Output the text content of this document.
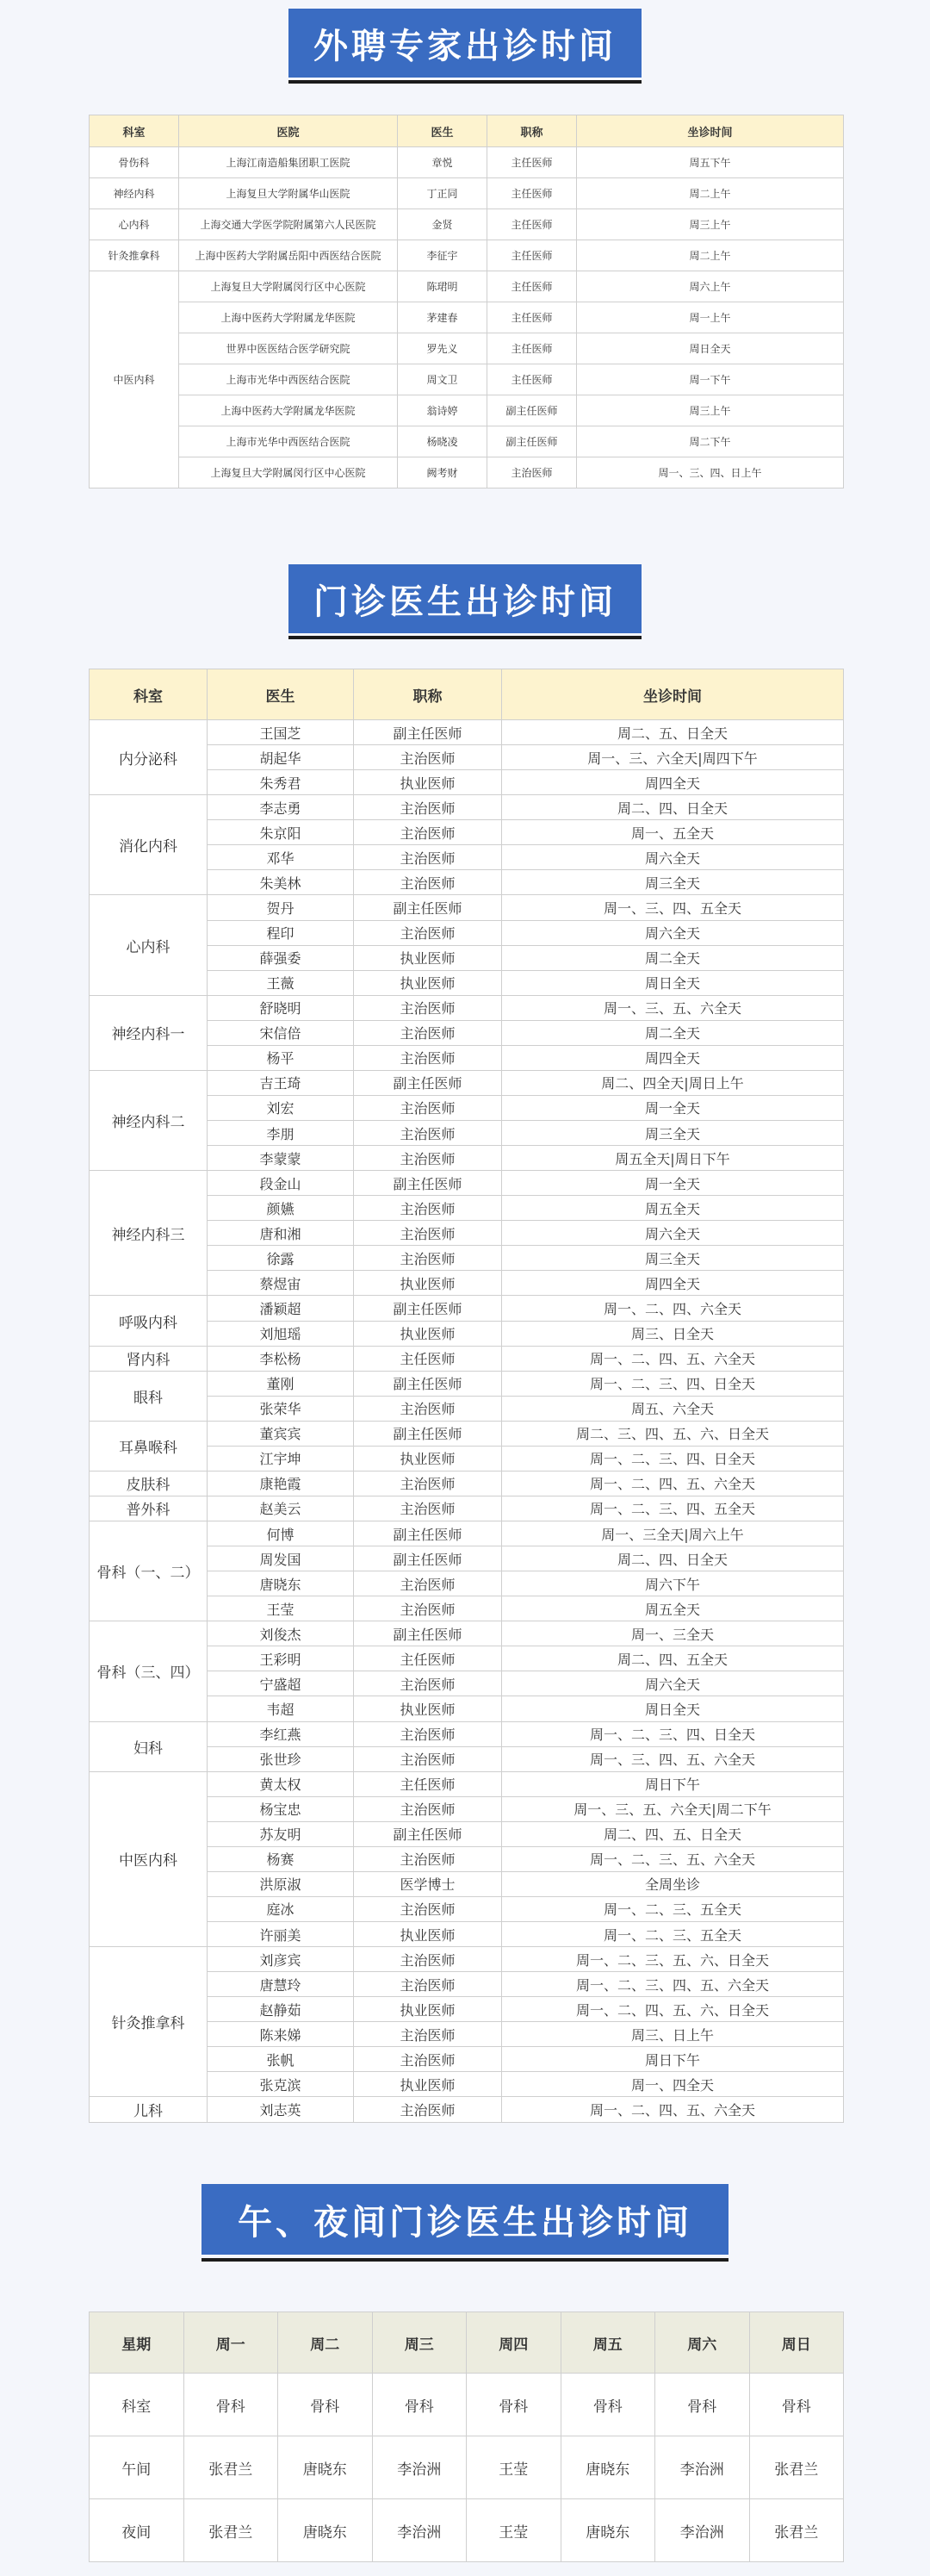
外聘专家出诊时间
科室	医院	医生	职称	坐诊时间
骨伤科	上海江南造船集团职工医院	章悦	主任医师	周五下午
神经内科	上海复旦大学附属华山医院	丁正同	主任医师	周二上午
心内科	上海交通大学医学院附属第六人民医院	金贤	主任医师	周三上午
针灸推拿科	上海中医药大学附属岳阳中西医结合医院	李征宇	主任医师	周二上午
中医内科	上海复旦大学附属闵行区中心医院	陈珺明	主任医师	周六上午
	上海中医药大学附属龙华医院	茅建春	主任医师	周一上午
	世界中医医结合医学研究院	罗先义	主任医师	周日全天
	上海市光华中西医结合医院	周文卫	主任医师	周一下午
	上海中医药大学附属龙华医院	翁诗婷	副主任医师	周三上午
	上海市光华中西医结合医院	杨晓凌	副主任医师	周二下午
	上海复旦大学附属闵行区中心医院	阙考财	主治医师	周一、三、四、日上午
门诊医生出诊时间
科室	医生	职称	坐诊时间
内分泌科	王国芝	副主任医师	周二、五、日全天
	胡起华	主治医师	周一、三、六全天|周四下午
	朱秀君	执业医师	周四全天
消化内科	李志勇	主治医师	周二、四、日全天
	朱京阳	主治医师	周一、五全天
	邓华	主治医师	周六全天
	朱美林	主治医师	周三全天
心内科	贺丹	副主任医师	周一、三、四、五全天
	程印	主治医师	周六全天
	薛强委	执业医师	周二全天
	王薇	执业医师	周日全天
神经内科一	舒晓明	主治医师	周一、三、五、六全天
	宋信倍	主治医师	周二全天
	杨平	主治医师	周四全天
神经内科二	吉王琦	副主任医师	周二、四全天|周日上午
	刘宏	主治医师	周一全天
	李朋	主治医师	周三全天
	李蒙蒙	主治医师	周五全天|周日下午
神经内科三	段金山	副主任医师	周一全天
	颜嬿	主治医师	周五全天
	唐和湘	主治医师	周六全天
	徐露	主治医师	周三全天
	蔡煜宙	执业医师	周四全天
呼吸内科	潘颖超	副主任医师	周一、二、四、六全天
	刘旭瑶	执业医师	周三、日全天
肾内科	李松杨	主任医师	周一、二、四、五、六全天
眼科	董刚	副主任医师	周一、二、三、四、日全天
	张荣华	主治医师	周五、六全天
耳鼻喉科	董宾宾	副主任医师	周二、三、四、五、六、日全天
	江宇坤	执业医师	周一、二、三、四、日全天
皮肤科	康艳霞	主治医师	周一、二、四、五、六全天
普外科	赵美云	主治医师	周一、二、三、四、五全天
骨科（一、二）	何博	副主任医师	周一、三全天|周六上午
	周发国	副主任医师	周二、四、日全天
	唐晓东	主治医师	周六下午
	王莹	主治医师	周五全天
骨科（三、四）	刘俊杰	副主任医师	周一、三全天
	王彩明	主任医师	周二、四、五全天
	宁盛超	主治医师	周六全天
	韦超	执业医师	周日全天
妇科	李红燕	主治医师	周一、二、三、四、日全天
	张世珍	主治医师	周一、三、四、五、六全天
中医内科	黄太权	主任医师	周日下午
	杨宝忠	主治医师	周一、三、五、六全天|周二下午
	苏友明	副主任医师	周二、四、五、日全天
	杨赛	主治医师	周一、二、三、五、六全天
	洪原淑	医学博士	全周坐诊
	庭冰	主治医师	周一、二、三、五全天
	许丽美	执业医师	周一、二、三、五全天
针灸推拿科	刘彦宾	主治医师	周一、二、三、五、六、日全天
	唐慧玲	主治医师	周一、二、三、四、五、六全天
	赵静茹	执业医师	周一、二、四、五、六、日全天
	陈来娣	主治医师	周三、日上午
	张帆	主治医师	周日下午
	张克滨	执业医师	周一、四全天
儿科	刘志英	主治医师	周一、二、四、五、六全天
午、夜间门诊医生出诊时间
星期	周一	周二	周三	周四	周五	周六	周日
科室	骨科	骨科	骨科	骨科	骨科	骨科	骨科
午间	张君兰	唐晓东	李治洲	王莹	唐晓东	李治洲	张君兰
夜间	张君兰	唐晓东	李治洲	王莹	唐晓东	李治洲	张君兰
